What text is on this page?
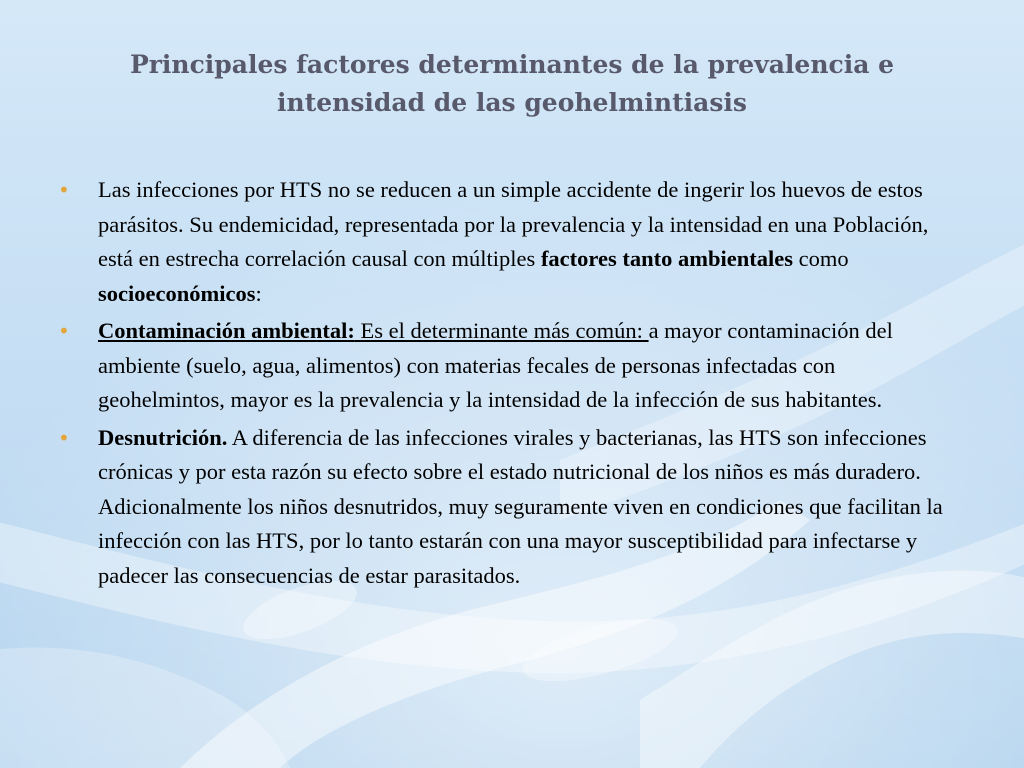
Principales factores determinantes de la prevalencia e intensidad de las geohelmintiasis
• Las infecciones por HTS no se reducen a un simple accidente de ingerir los huevos de estos parásitos. Su endemicidad, representada por la prevalencia y la intensidad en una Población, está en estrecha correlación causal con múltiples factores tanto ambientales como socioeconómicos:
• Contaminación ambiental: Es el determinante más común: a mayor contaminación del ambiente (suelo, agua, alimentos) con materias fecales de personas infectadas con geohelmintos, mayor es la prevalencia y la intensidad de la infección de sus habitantes.
• Desnutrición. A diferencia de las infecciones virales y bacterianas, las HTS son infecciones crónicas y por esta razón su efecto sobre el estado nutricional de los niños es más duradero. Adicionalmente los niños desnutridos, muy seguramente viven en condiciones que facilitan la infección con las HTS, por lo tanto estarán con una mayor susceptibilidad para infectarse y padecer las consecuencias de estar parasitados.
